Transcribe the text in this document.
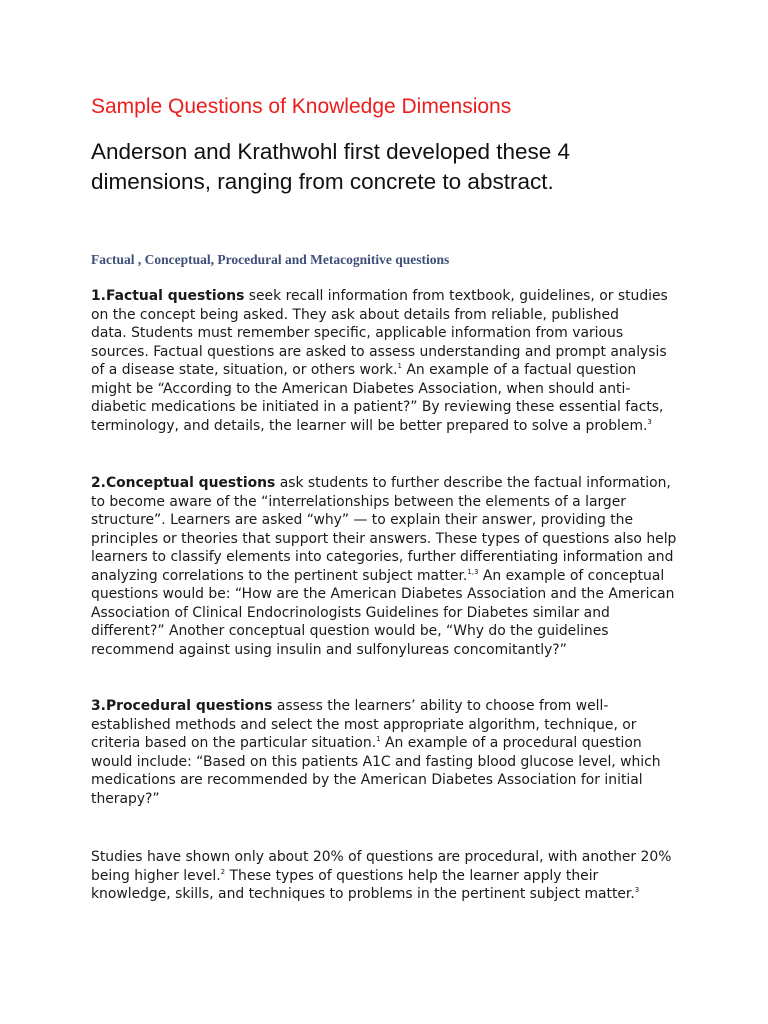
Sample Questions of Knowledge Dimensions
Anderson and Krathwohl first developed these 4 dimensions, ranging from concrete to abstract.
Factual , Conceptual, Procedural and Metacognitive questions
1.Factual questions seek recall information from textbook, guidelines, or studies
on the concept being asked. They ask about details from reliable, published
data. Students must remember specific, applicable information from various
sources. Factual questions are asked to assess understanding and prompt analysis
of a disease state, situation, or others work.$^1$ An example of a factual question
might be “According to the American Diabetes Association, when should anti-
diabetic medications be initiated in a patient?” By reviewing these essential facts,
terminology, and details, the learner will be better prepared to solve a problem.$^3$
2.Conceptual questions ask students to further describe the factual information,
to become aware of the “interrelationships between the elements of a larger
structure”. Learners are asked “why” — to explain their answer, providing the
principles or theories that support their answers. These types of questions also help
learners to classify elements into categories, further differentiating information and
analyzing correlations to the pertinent subject matter.$^{1,3}$ An example of conceptual
questions would be: “How are the American Diabetes Association and the American
Association of Clinical Endocrinologists Guidelines for Diabetes similar and
different?” Another conceptual question would be, “Why do the guidelines
recommend against using insulin and sulfonylureas concomitantly?”
3.Procedural questions assess the learners’ ability to choose from well-
established methods and select the most appropriate algorithm, technique, or
criteria based on the particular situation.$^1$ An example of a procedural question
would include: “Based on this patients A1C and fasting blood glucose level, which
medications are recommended by the American Diabetes Association for initial
therapy?”
Studies have shown only about 20% of questions are procedural, with another 20%
being higher level.$^2$ These types of questions help the learner apply their
knowledge, skills, and techniques to problems in the pertinent subject matter.$^3$
